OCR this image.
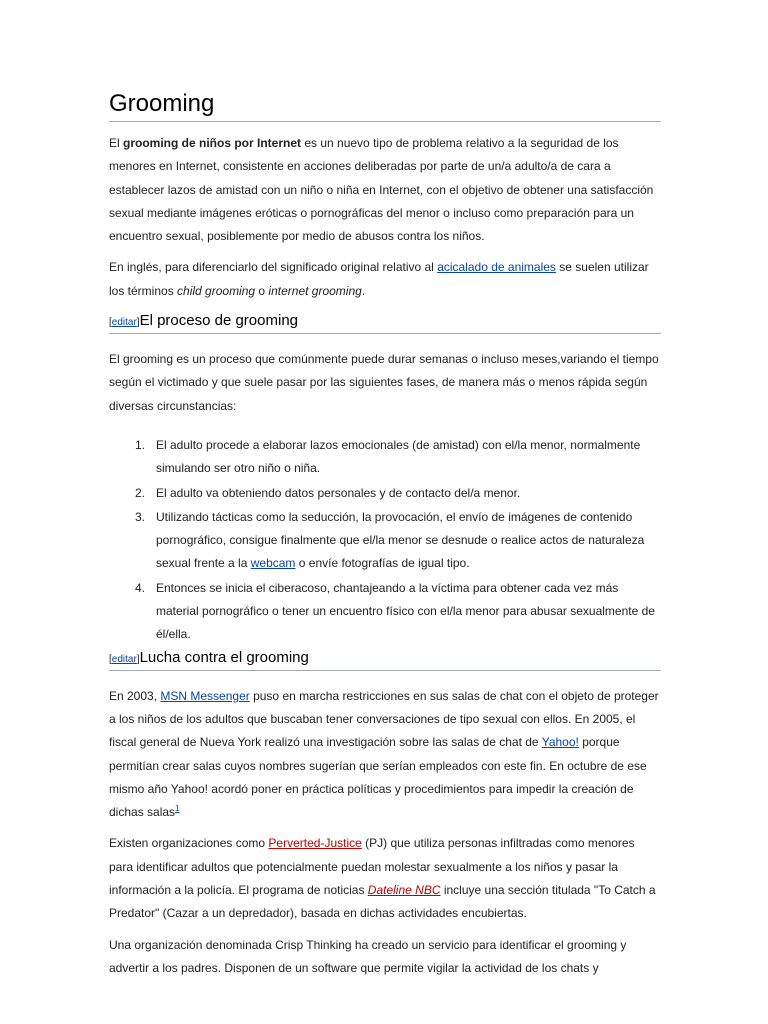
Grooming

El grooming de niños por Internet es un nuevo tipo de problema relativo a la seguridad de los menores en Internet, consistente en acciones deliberadas por parte de un/a adulto/a de cara a establecer lazos de amistad con un niño o niña en Internet, con el objetivo de obtener una satisfacción sexual mediante imágenes eróticas o pornográficas del menor o incluso como preparación para un encuentro sexual, posiblemente por medio de abusos contra los niños.

En inglés, para diferenciarlo del significado original relativo al acicalado de animales se suelen utilizar los términos child grooming o internet grooming.

[editar]El proceso de grooming

El grooming es un proceso que comúnmente puede durar semanas o incluso meses,variando el tiempo según el victimado y que suele pasar por las siguientes fases, de manera más o menos rápida según diversas circunstancias:

1. El adulto procede a elaborar lazos emocionales (de amistad) con el/la menor, normalmente simulando ser otro niño o niña.
2. El adulto va obteniendo datos personales y de contacto del/a menor.
3. Utilizando tácticas como la seducción, la provocación, el envío de imágenes de contenido pornográfico, consigue finalmente que el/la menor se desnude o realice actos de naturaleza sexual frente a la webcam o envíe fotografías de igual tipo.
4. Entonces se inicia el ciberacoso, chantajeando a la víctima para obtener cada vez más material pornográfico o tener un encuentro físico con el/la menor para abusar sexualmente de él/ella.
[editar]Lucha contra el grooming

En 2003, MSN Messenger puso en marcha restricciones en sus salas de chat con el objeto de proteger a los niños de los adultos que buscaban tener conversaciones de tipo sexual con ellos. En 2005, el fiscal general de Nueva York realizó una investigación sobre las salas de chat de Yahoo! porque permitían crear salas cuyos nombres sugerían que serían empleados con este fin. En octubre de ese mismo año Yahoo! acordó poner en práctica políticas y procedimientos para impedir la creación de dichas salas$^1$

Existen organizaciones como Perverted-Justice (PJ) que utiliza personas infiltradas como menores para identificar adultos que potencialmente puedan molestar sexualmente a los niños y pasar la información a la policía. El programa de noticias Dateline NBC incluye una sección titulada "To Catch a Predator" (Cazar a un depredador), basada en dichas actividades encubiertas.

Una organización denominada Crisp Thinking ha creado un servicio para identificar el grooming y advertir a los padres. Disponen de un software que permite vigilar la actividad de los chats y
